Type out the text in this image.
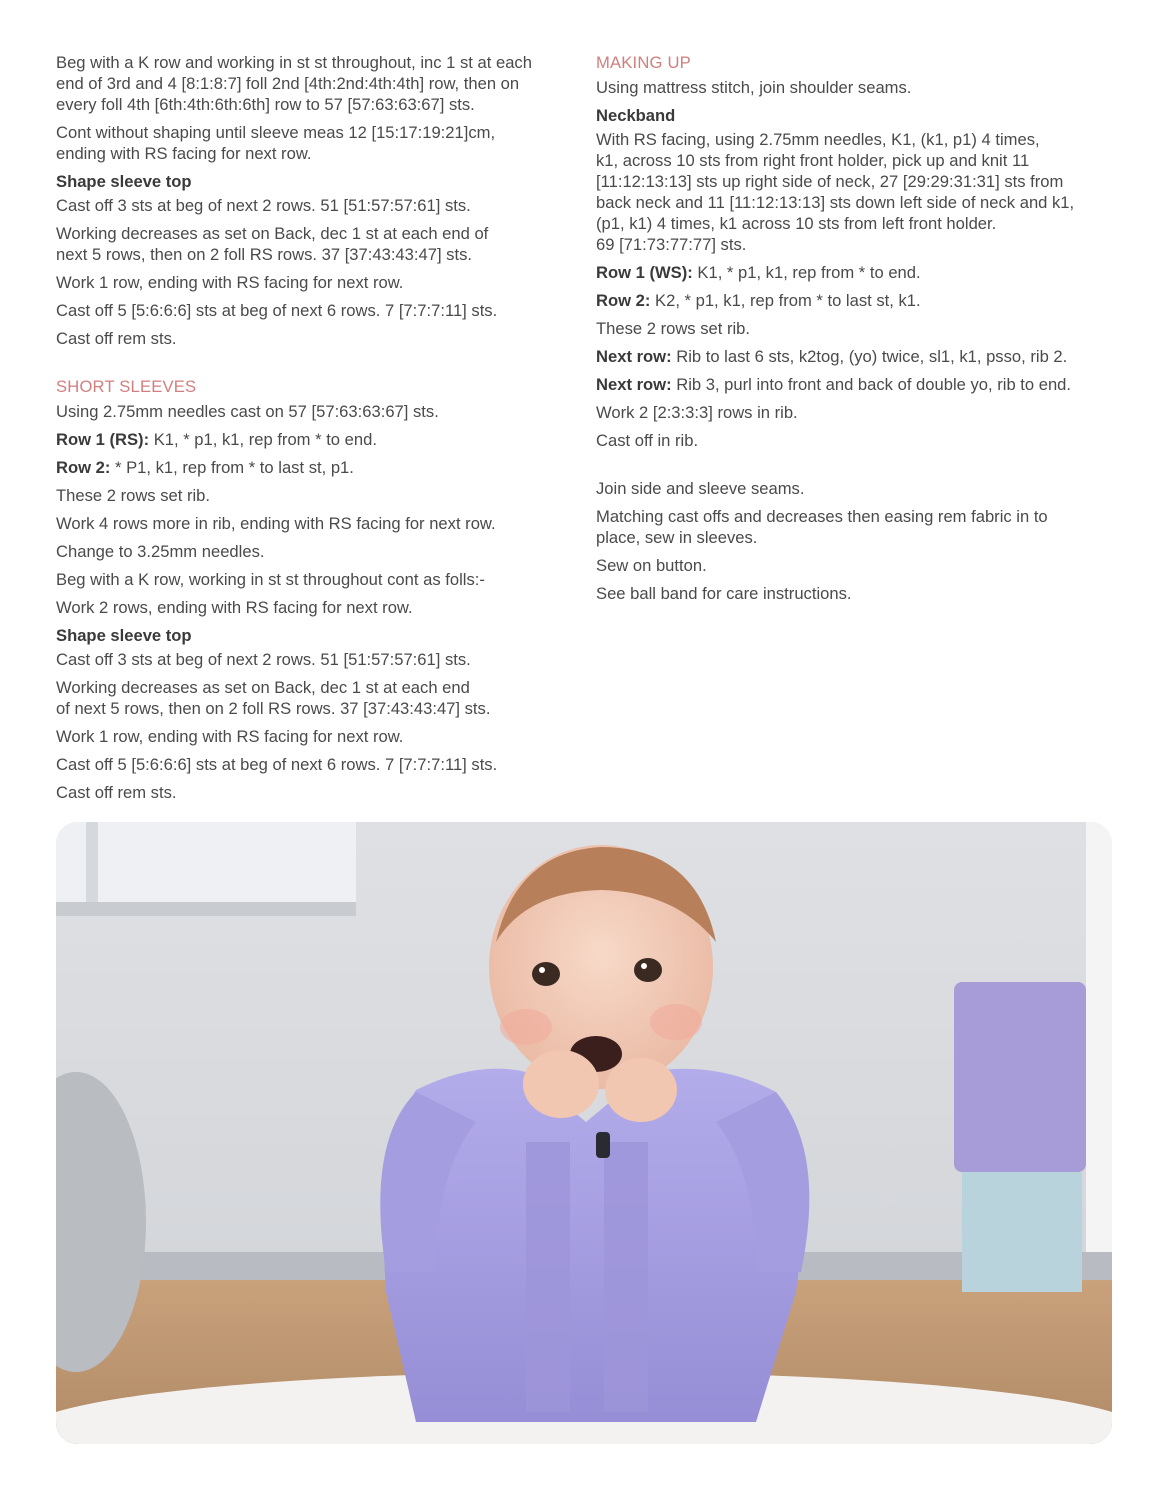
Beg with a K row and working in st st throughout, inc 1 st at each
end of 3rd and 4 [8:1:8:7] foll 2nd [4th:2nd:4th:4th] row, then on
every foll 4th [6th:4th:6th:6th] row to 57 [57:63:63:67] sts.

Cont without shaping until sleeve meas 12 [15:17:19:21]cm,
ending with RS facing for next row.

Shape sleeve top

Cast off 3 sts at beg of next 2 rows. 51 [51:57:57:61] sts.

Working decreases as set on Back, dec 1 st at each end of
next 5 rows, then on 2 foll RS rows. 37 [37:43:43:47] sts.

Work 1 row, ending with RS facing for next row.

Cast off 5 [5:6:6:6] sts at beg of next 6 rows. 7 [7:7:7:11] sts.

Cast off rem sts.

SHORT SLEEVES

Using 2.75mm needles cast on 57 [57:63:63:67] sts.

Row 1 (RS): K1, * p1, k1, rep from * to end.

Row 2: * P1, k1, rep from * to last st, p1.

These 2 rows set rib.

Work 4 rows more in rib, ending with RS facing for next row.

Change to 3.25mm needles.

Beg with a K row, working in st st throughout cont as folls:-

Work 2 rows, ending with RS facing for next row.

Shape sleeve top

Cast off 3 sts at beg of next 2 rows. 51 [51:57:57:61] sts.

Working decreases as set on Back, dec 1 st at each end
of next 5 rows, then on 2 foll RS rows. 37 [37:43:43:47] sts.

Work 1 row, ending with RS facing for next row.

Cast off 5 [5:6:6:6] sts at beg of next 6 rows. 7 [7:7:7:11] sts.

Cast off rem sts.

MAKING UP

Using mattress stitch, join shoulder seams.

Neckband

With RS facing, using 2.75mm needles, K1, (k1, p1) 4 times,
k1, across 10 sts from right front holder, pick up and knit 11
[11:12:13:13] sts up right side of neck, 27 [29:29:31:31] sts from
back neck and 11 [11:12:13:13] sts down left side of neck and k1,
(p1, k1) 4 times, k1 across 10 sts from left front holder.
69 [71:73:77:77] sts.

Row 1 (WS): K1, * p1, k1, rep from * to end.

Row 2: K2, * p1, k1, rep from * to last st, k1.

These 2 rows set rib.

Next row: Rib to last 6 sts, k2tog, (yo) twice, sl1, k1, psso, rib 2.

Next row: Rib 3, purl into front and back of double yo, rib to end.

Work 2 [2:3:3:3] rows in rib.

Cast off in rib.

Join side and sleeve seams.

Matching cast offs and decreases then easing rem fabric in to
place, sew in sleeves.

Sew on button.

See ball band for care instructions.
